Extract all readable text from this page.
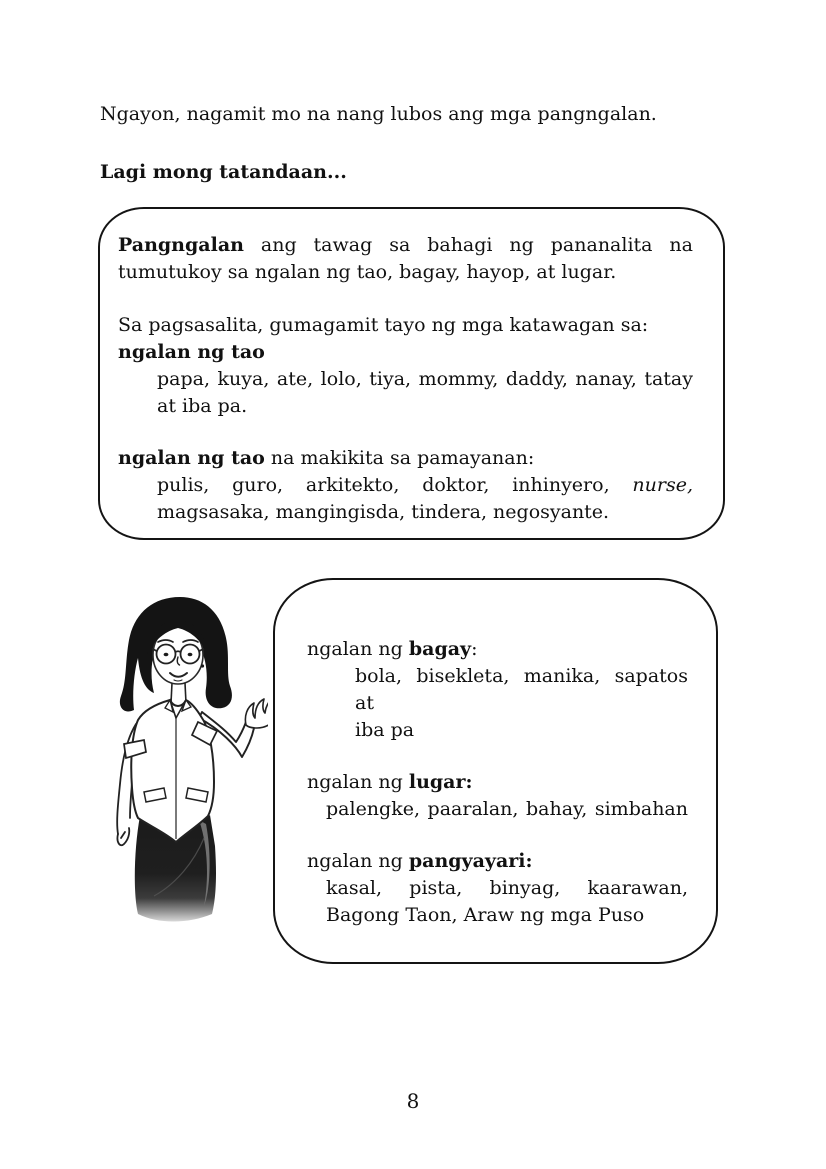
Ngayon, nagamit mo na nang lubos ang mga pangngalan.
Lagi mong tatandaan...
Pangngalan ang tawag sa bahagi ng pananalita na
tumutukoy sa ngalan ng tao, bagay, hayop, at lugar.
Sa pagsasalita, gumagamit tayo ng mga katawagan sa:
ngalan ng tao
papa, kuya, ate, lolo, tiya, mommy, daddy, nanay, tatay
at iba pa.
ngalan ng tao na makikita sa pamayanan:
pulis, guro, arkitekto, doktor, inhinyero, nurse,
magsasaka, mangingisda, tindera, negosyante.
ngalan ng bagay:
bola, bisekleta, manika, sapatos at
iba pa
ngalan ng lugar:
palengke, paaralan, bahay, simbahan
ngalan ng pangyayari:
kasal, pista, binyag, kaarawan,
Bagong Taon, Araw ng mga Puso
8
